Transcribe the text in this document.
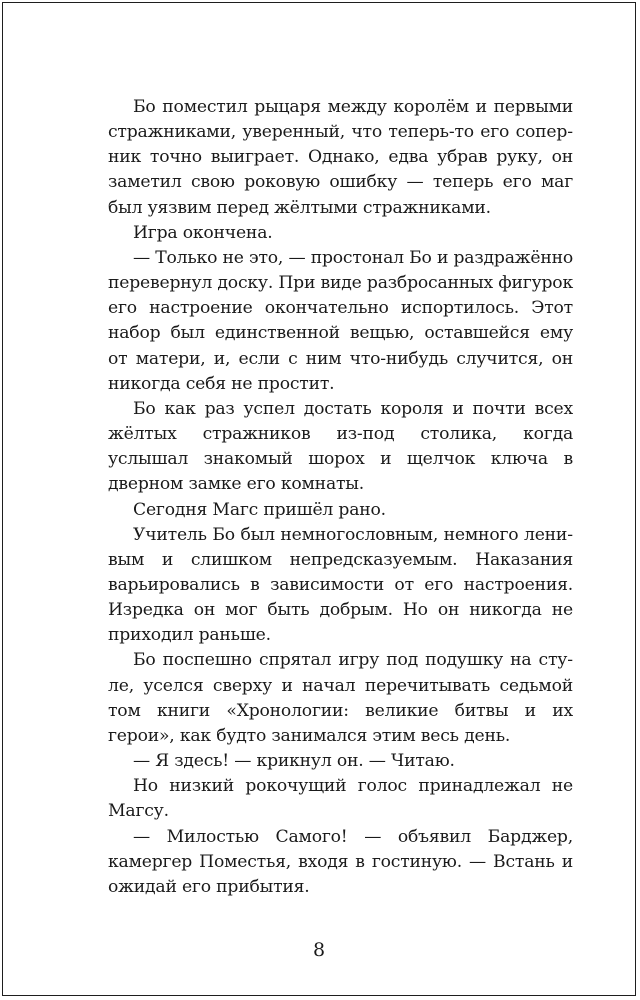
Бо поместил рыцаря между королём и первыми стражниками, уверенный, что теперь-то его соперник точно выиграет. Однако, едва убрав руку, он заметил свою роковую ошибку — теперь его маг был уязвим перед жёлтыми стражниками.

Игра окончена.

— Только не это, — простонал Бо и раздражённо перевернул доску. При виде разбросанных фигурок его настроение окончательно испортилось. Этот набор был единственной вещью, оставшейся ему от матери, и, если с ним что-нибудь случится, он никогда себя не простит.

Бо как раз успел достать короля и почти всех жёлтых стражников из-под столика, когда услышал знакомый шорох и щелчок ключа в дверном замке его комнаты.

Сегодня Магс пришёл рано.

Учитель Бо был немногословным, немного ленивым и слишком непредсказуемым. Наказания варьировались в зависимости от его настроения. Изредка он мог быть добрым. Но он никогда не приходил раньше.

Бо поспешно спрятал игру под подушку на стуле, уселся сверху и начал перечитывать седьмой том книги «Хронологии: великие битвы и их герои», как будто занимался этим весь день.

— Я здесь! — крикнул он. — Читаю.

Но низкий рокочущий голос принадлежал не Магсу.

— Милостью Самого! — объявил Барджер, камергер Поместья, входя в гостиную. — Встань и ожидай его прибытия.

8
